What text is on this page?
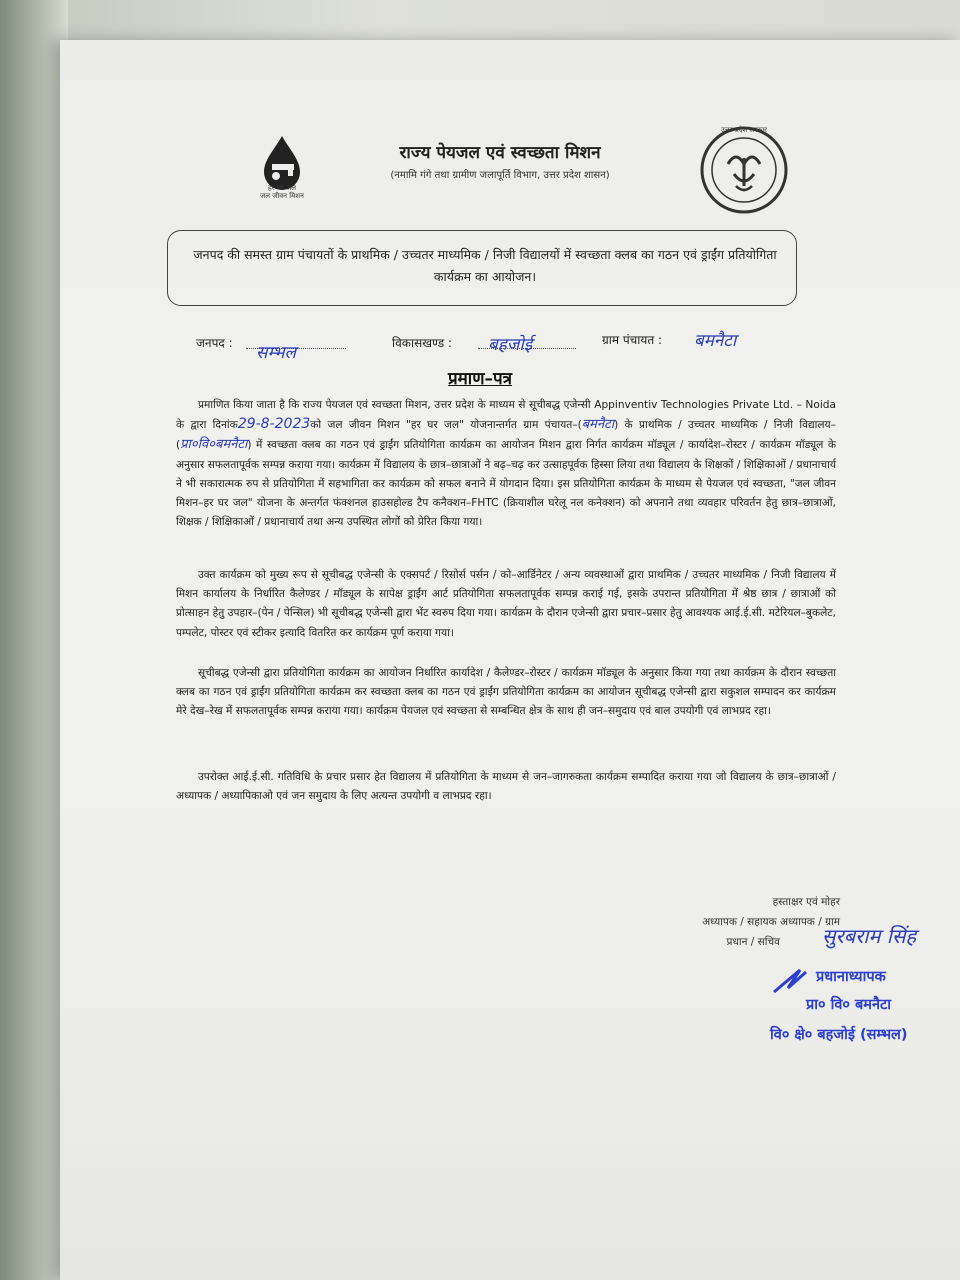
हर घर जल
जल जीवन मिशन
राज्य पेयजल एवं स्वच्छता मिशन
(नमामि गंगे तथा ग्रामीण जलापूर्ति विभाग, उत्तर प्रदेश शासन)
उत्तर प्रदेश सरकार
जनपद की समस्त ग्राम पंचायतों के प्राथमिक / उच्चतर माध्यमिक / निजी विद्यालयों में स्वच्छता क्लब का गठन एवं ड्राईंग प्रतियोगिता कार्यक्रम का आयोजन।
जनपद : सम्भल	विकासखण्ड : बहजोई	ग्राम पंचायत : बमनैटा
प्रमाण–पत्र
प्रमाणित किया जाता है कि राज्य पेयजल एवं स्वच्छता मिशन, उत्तर प्रदेश के माध्यम से सूचीबद्ध एजेन्सी Appinventiv Technologies Private Ltd. – Noida के द्वारा दिनांक29-8-2023को जल जीवन मिशन "हर घर जल" योजनान्तर्गत ग्राम पंचायत–(बमनैटा) के प्राथमिक / उच्चतर माध्यमिक / निजी विद्यालय–(प्रा०वि०बमनैटा) में स्वच्छता क्लब का गठन एवं ड्राईंग प्रतियोगिता कार्यक्रम का आयोजन मिशन द्वारा निर्गत कार्यक्रम मॉड्यूल / कार्यादेश–रोस्टर / कार्यक्रम मॉड्यूल के अनुसार सफलतापूर्वक सम्पन्न कराया गया। कार्यक्रम में विद्यालय के छात्र–छात्राओं ने बढ़–चढ़ कर उत्साहपूर्वक हिस्सा लिया तथा विद्यालय के शिक्षकों / शिक्षिकाओं / प्रधानाचार्य ने भी सकारात्मक रुप से प्रतियोगिता में सहभागिता कर कार्यक्रम को सफल बनाने में योगदान दिया। इस प्रतियोगिता कार्यक्रम के माध्यम से पेयजल एवं स्वच्छता, "जल जीवन मिशन–हर घर जल" योजना के अन्तर्गत फंक्शनल हाउसहोल्ड टैप कनैक्शन–FHTC (क्रियाशील घरेलू नल कनेक्शन) को अपनाने तथा व्यवहार परिवर्तन हेतु छात्र–छात्राओं, शिक्षक / शिक्षिकाओं / प्रधानाचार्य तथा अन्य उपस्थित लोगों को प्रेरित किया गया।
उक्त कार्यक्रम को मुख्य रूप से सूचीबद्ध एजेन्सी के एक्सपर्ट / रिसोर्स पर्सन / को–आर्डिनेटर / अन्य व्यवस्थाओं द्वारा प्राथमिक / उच्चतर माध्यमिक / निजी विद्यालय में मिशन कार्यालय के निर्धारित कैलेण्डर / मॉड्यूल के सापेक्ष ड्राईंग आर्ट प्रतियोगिता सफलतापूर्वक सम्पन्न कराई गई, इसके उपरान्त प्रतियोगिता में श्रेष्ठ छात्र / छात्राओं को प्रोत्साहन हेतु उपहार–(पेन / पेन्सिल) भी सूचीबद्ध एजेन्सी द्वारा भेंट स्वरुप दिया गया। कार्यक्रम के दौरान एजेन्सी द्वारा प्रचार–प्रसार हेतु आवश्यक आई.ई.सी. मटेरियल–बुकलेट, पम्पलेट, पोस्टर एवं स्टीकर इत्यादि वितरित कर कार्यक्रम पूर्ण कराया गया।
सूचीबद्ध एजेन्सी द्वारा प्रतियोगिता कार्यक्रम का आयोजन निर्धारित कार्यादेश / कैलेण्डर–रोस्टर / कार्यक्रम मॉड्यूल के अनुसार किया गया तथा कार्यक्रम के दौरान स्वच्छता क्लब का गठन एवं ड्राईंग प्रतियोगिता कार्यक्रम कर स्वच्छता क्लब का गठन एवं ड्राईंग प्रतियोगिता कार्यक्रम का आयोजन सूचीबद्ध एजेन्सी द्वारा सकुशल सम्पादन कर कार्यक्रम मेरे देख–रेख में सफलतापूर्वक सम्पन्न कराया गया। कार्यक्रम पेयजल एवं स्वच्छता से सम्बन्धित क्षेत्र के साथ ही जन–समुदाय एवं बाल उपयोगी एवं लाभप्रद रहा।
उपरोक्त आई.ई.सी. गतिविधि के प्रचार प्रसार हेत विद्यालय में प्रतियोगिता के माध्यम से जन–जागरुकता कार्यक्रम सम्पादित कराया गया जो विद्यालय के छात्र–छात्राओं / अध्यापक / अध्यापिकाओ एवं जन समुदाय के लिए अत्यन्त उपयोगी व लाभप्रद रहा।
हस्ताक्षर एवं मोहर
अध्यापक / सहायक अध्यापक / ग्राम
प्रधान / सचिव सुरबराम सिंह
प्रधानाध्यापक
प्रा० वि० बमनैटा
वि० क्षे० बहजोई (सम्भल)
